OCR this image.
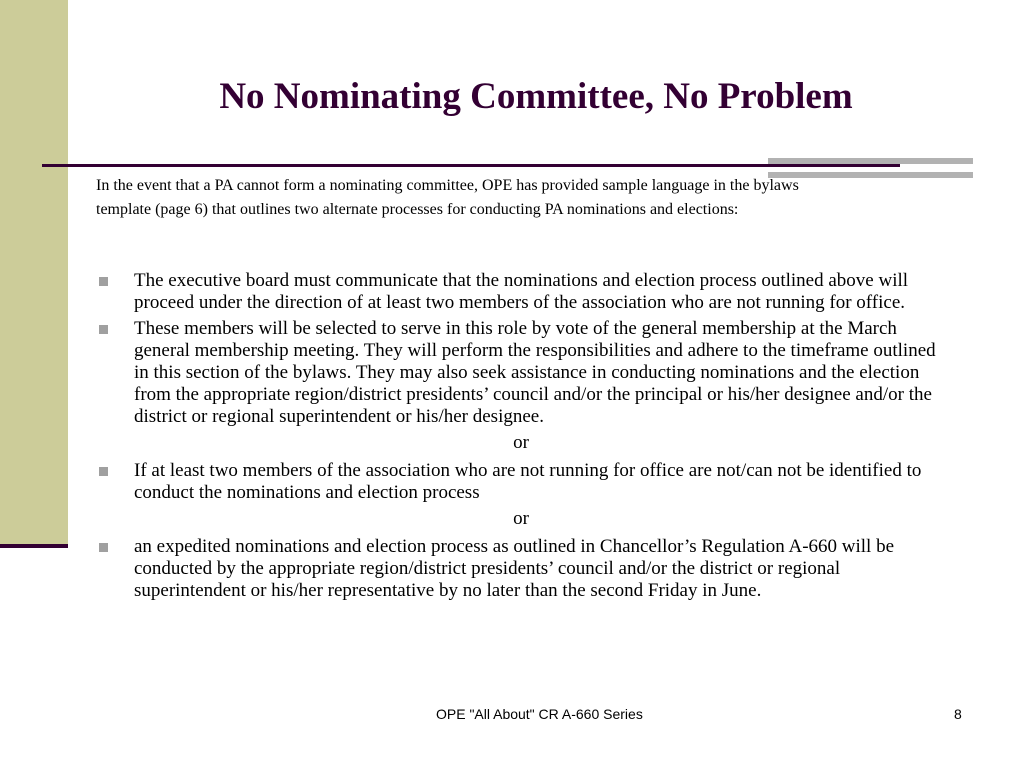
No Nominating Committee, No Problem
In the event that a PA cannot form a nominating committee, OPE has provided sample language in the bylaws template (page 6) that outlines two alternate processes for conducting PA nominations and elections:
The executive board must communicate that the nominations and election process outlined above will proceed under the direction of at least two members of the association who are not running for office.
These members will be selected to serve in this role by vote of the general membership at the March general membership meeting. They will perform the responsibilities and adhere to the timeframe outlined in this section of the bylaws. They may also seek assistance in conducting nominations and the election from the appropriate region/district presidents’ council and/or the principal or his/her designee and/or the district or regional superintendent or his/her designee.
or
If at least two members of the association who are not running for office are not/can not be identified to conduct the nominations and election process
or
an expedited nominations and election process as outlined in Chancellor’s Regulation A-660 will be conducted by the appropriate region/district presidents’ council and/or the district or regional superintendent or his/her representative by no later than the second Friday in June.
OPE "All About" CR A-660 Series	8
